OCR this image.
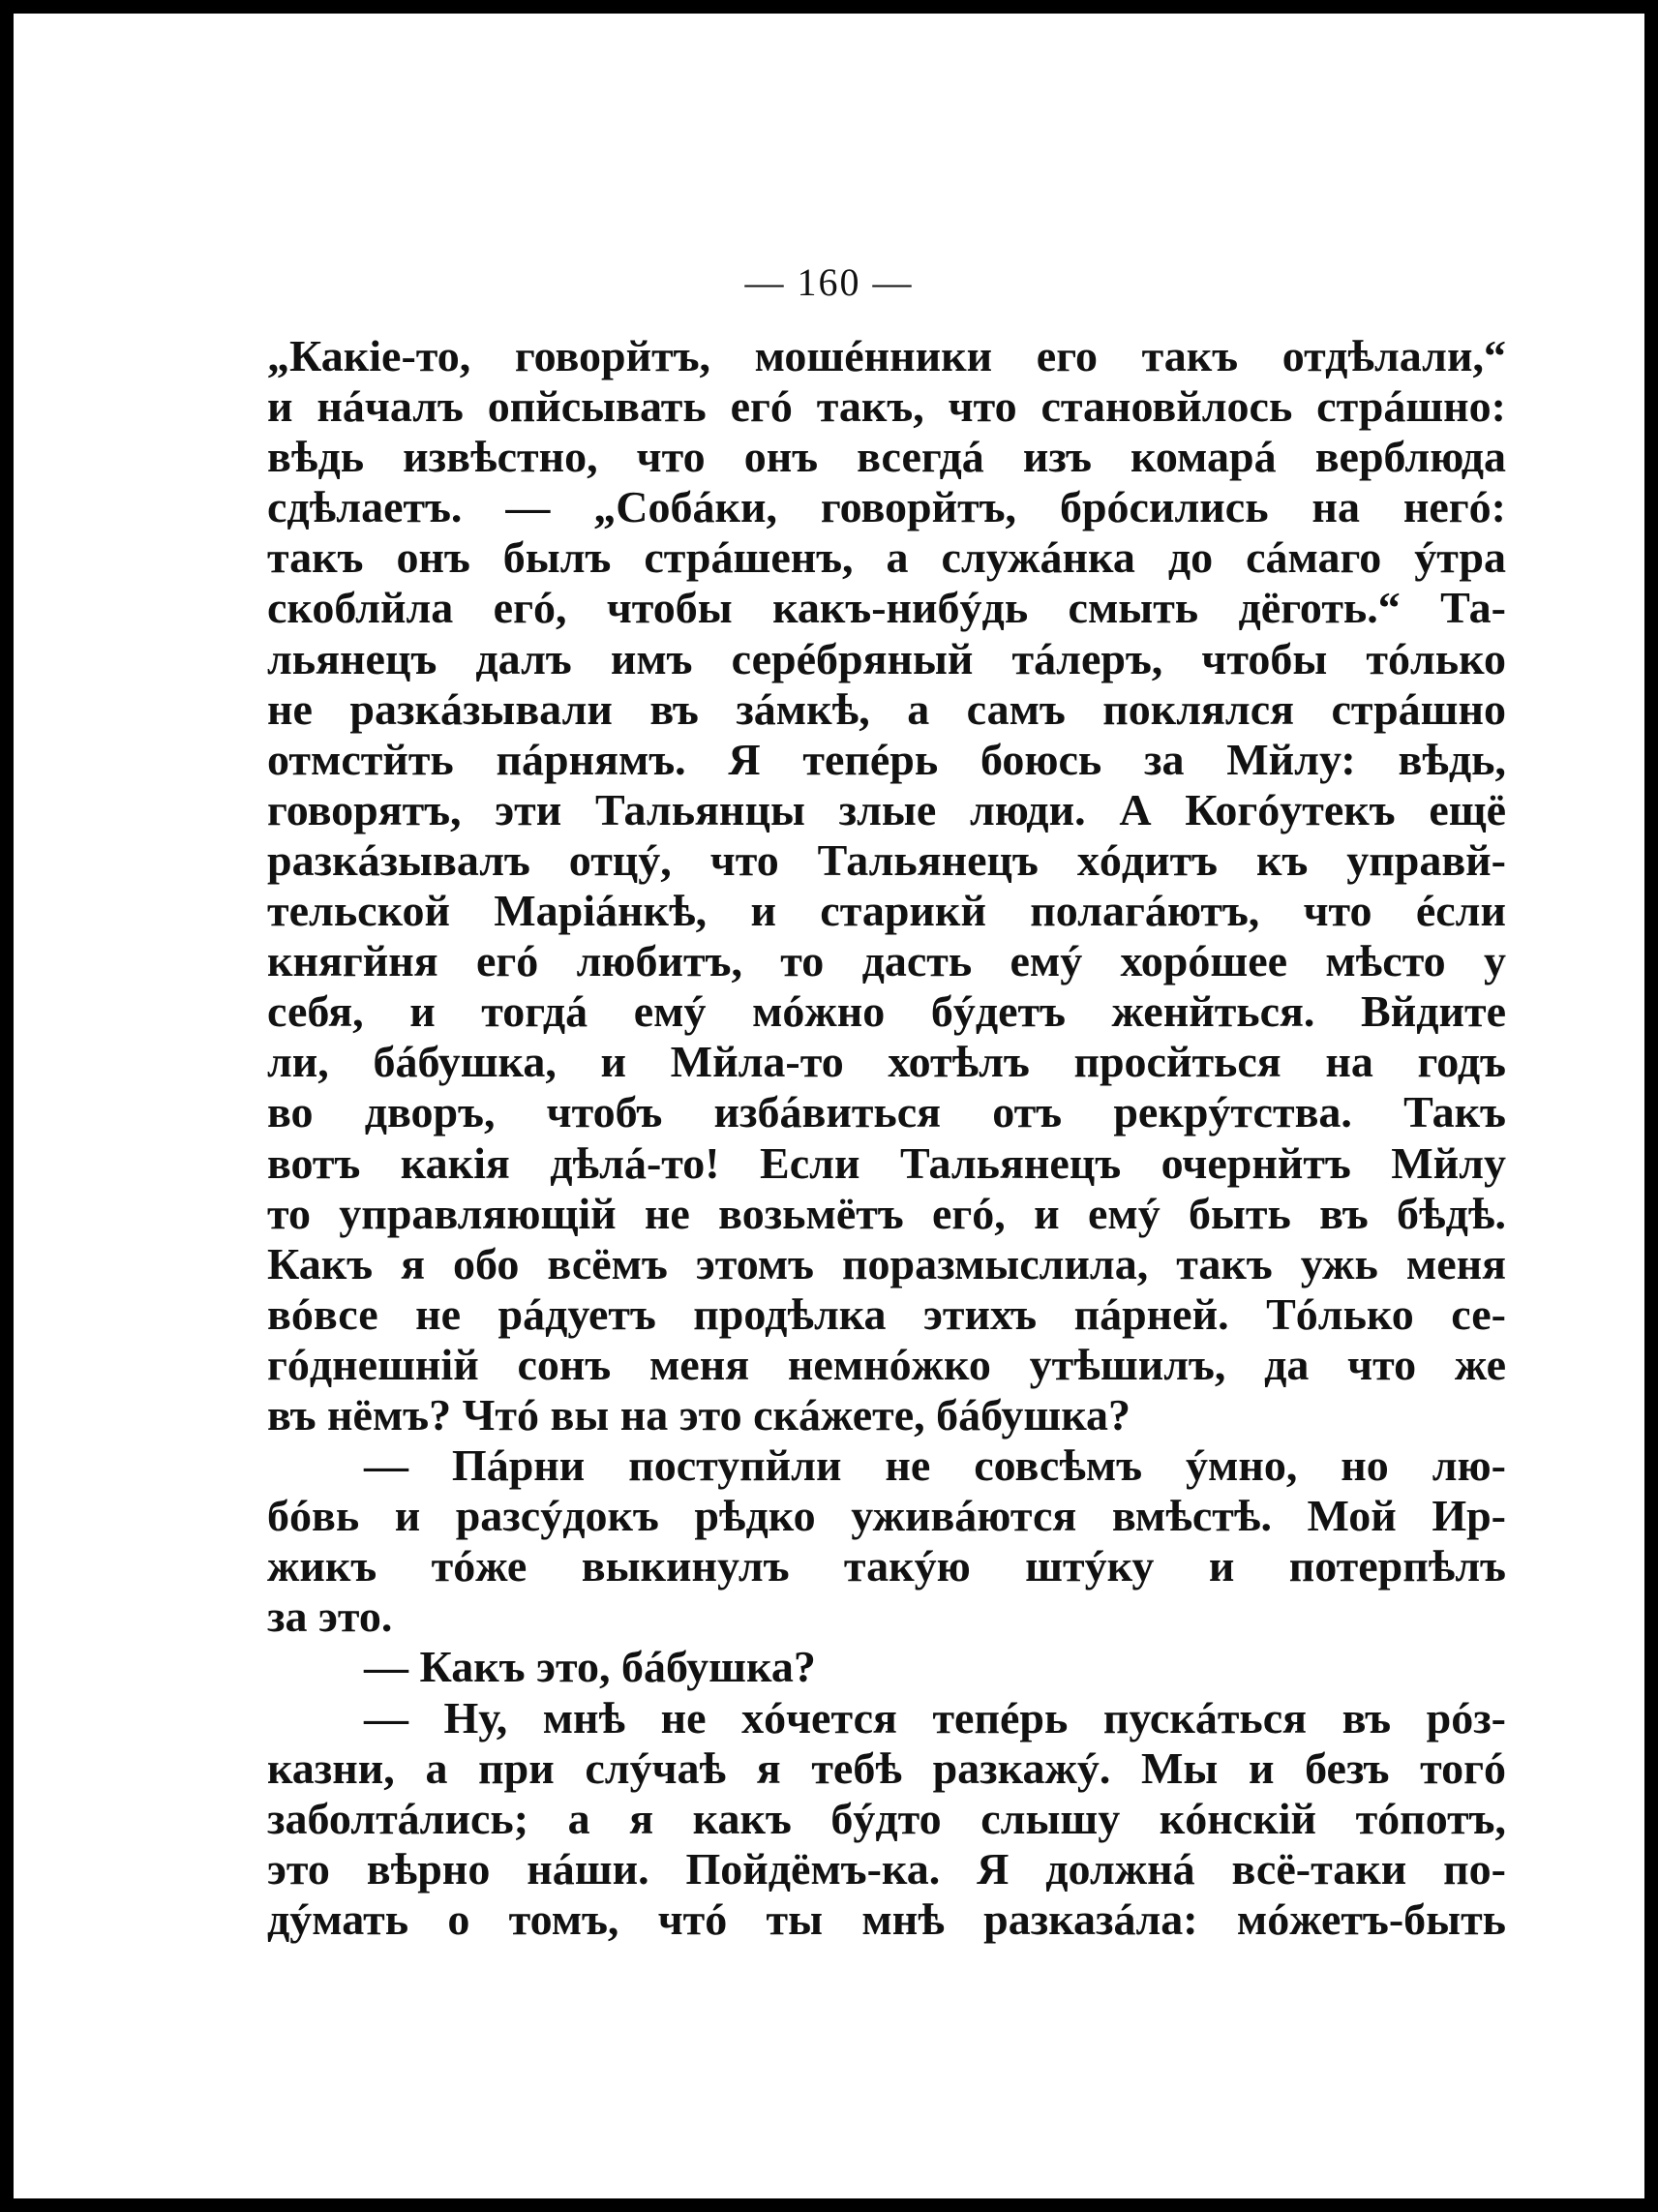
— 160 —
„Какіе-то, говорйтъ, мошéнники его такъ отдѣлали,“
и нáчалъ опйсывать егó такъ, что становйлось стрáшно:
вѣдь извѣстно, что онъ всегдá изъ комарá верблюда
сдѣлаетъ. — „Собáки, говорйтъ, брóсились на негó:
такъ онъ былъ стрáшенъ, а служáнка до сáмаго ýтра
скоблйла егó, чтобы какъ-нибýдь смыть дёготь.“ Та-
льянецъ далъ имъ серéбряный тáлеръ, чтобы тóлько
не разкáзывали въ зáмкѣ, а самъ поклялся стрáшно
отмстйть пáрнямъ. Я тепéрь боюсь за Мйлу: вѣдь,
говорятъ, эти Тальянцы злые люди. А Когóутекъ ещё
разкáзывалъ отцý, что Тальянецъ хóдитъ къ управй-
тельской Маріáнкѣ, и старикй полагáютъ, что éсли
княгйня егó любитъ, то дасть емý хорóшее мѣсто у
себя, и тогдá емý мóжно бýдетъ женйться. Вйдите
ли, бáбушка, и Мйла-то хотѣлъ просйться на годъ
во дворъ, чтобъ избáвиться отъ рекрýтства. Такъ
вотъ какія дѣлá-то! Если Тальянецъ очернйтъ Мйлу
то управляющій не возьмётъ егó, и емý быть въ бѣдѣ.
Какъ я обо всёмъ этомъ поразмыслила, такъ ужь меня
вóвсе не рáдуетъ продѣлка этихъ пáрней. Тóлько се-
гóднешній сонъ меня немнóжко утѣшилъ, да что же
въ нёмъ? Чтó вы на это скáжете, бáбушка?
— Пáрни поступйли не совсѣмъ ýмно, но лю-
бóвь и разсýдокъ рѣдко уживáются вмѣстѣ. Мой Ир-
жикъ тóже выкинулъ такýю штýку и потерпѣлъ
за это.
— Какъ это, бáбушка?
— Ну, мнѣ не хóчется тепéрь пускáться въ рóз-
казни, а при слýчаѣ я тебѣ разкажý. Мы и безъ тогó
заболтáлись; а я какъ бýдто слышу кóнскій тóпотъ,
это вѣрно нáши. Пойдёмъ-ка. Я должнá всё-таки по-
дýмать о томъ, чтó ты мнѣ разказáла: мóжетъ-быть
